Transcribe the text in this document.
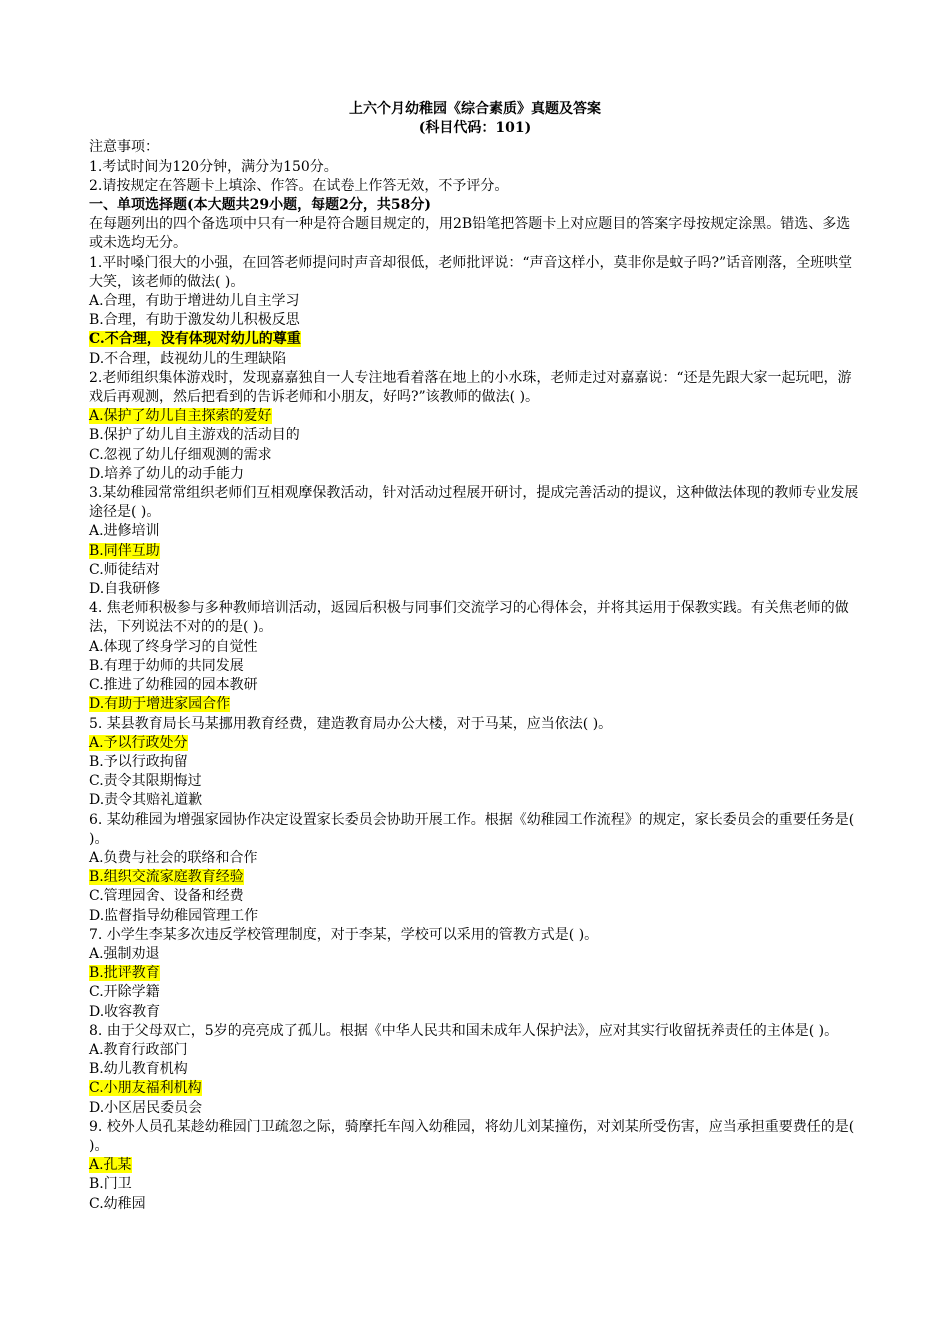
上六个月幼稚园《综合素质》真题及答案
(科目代码：101)
注意事项：
1.考试时间为120分钟，满分为150分。
2.请按规定在答题卡上填涂、作答。在试卷上作答无效，不予评分。
一、单项选择题(本大题共29小题，每题2分，共58分)
在每题列出的四个备选项中只有一种是符合题目规定的，用2B铅笔把答题卡上对应题目的答案字母按规定涂黑。错选、多选或未选均无分。
1.平时嗓门很大的小强，在回答老师提问时声音却很低，老师批评说：“声音这样小，莫非你是蚊子吗?”话音刚落，全班哄堂大笑，该老师的做法( )。
A.合理，有助于增进幼儿自主学习
B.合理，有助于激发幼儿积极反思
C.不合理，没有体现对幼儿的尊重
D.不合理，歧视幼儿的生理缺陷
2.老师组织集体游戏时，发现嘉嘉独自一人专注地看着落在地上的小水珠，老师走过对嘉嘉说：“还是先跟大家一起玩吧，游戏后再观测，然后把看到的告诉老师和小朋友，好吗?”该教师的做法( )。
A.保护了幼儿自主探索的爱好
B.保护了幼儿自主游戏的活动目的
C.忽视了幼儿仔细观测的需求
D.培养了幼儿的动手能力
3.某幼稚园常常组织老师们互相观摩保教活动，针对活动过程展开研讨，提成完善活动的提议，这种做法体现的教师专业发展途径是( )。
A.进修培训
B.同伴互助
C.师徒结对
D.自我研修
4. 焦老师积极参与多种教师培训活动，返园后积极与同事们交流学习的心得体会，并将其运用于保教实践。有关焦老师的做法，下列说法不对的的是( )。
A.体现了终身学习的自觉性
B.有理于幼师的共同发展
C.推进了幼稚园的园本教研
D.有助于增进家园合作
5. 某县教育局长马某挪用教育经费，建造教育局办公大楼，对于马某，应当依法( )。
A.予以行政处分
B.予以行政拘留
C.责令其限期悔过
D.责令其赔礼道歉
6. 某幼稚园为增强家园协作决定设置家长委员会协助开展工作。根据《幼稚园工作流程》的规定，家长委员会的重要任务是( )。
A.负费与社会的联络和合作
B.组织交流家庭教育经验
C.管理园舍、设备和经费
D.监督指导幼稚园管理工作
7. 小学生李某多次违反学校管理制度，对于李某，学校可以采用的管教方式是( )。
A.强制劝退
B.批评教育
C.开除学籍
D.收容教育
8. 由于父母双亡，5岁的亮亮成了孤儿。根据《中华人民共和国未成年人保护法》，应对其实行收留抚养责任的主体是( )。
A.教育行政部门
B.幼儿教育机构
C.小朋友福利机构
D.小区居民委员会
9. 校外人员孔某趁幼稚园门卫疏忽之际，骑摩托车闯入幼稚园，将幼儿刘某撞伤，对刘某所受伤害，应当承担重要费任的是( )。
A.孔某
B.门卫
C.幼稚园
